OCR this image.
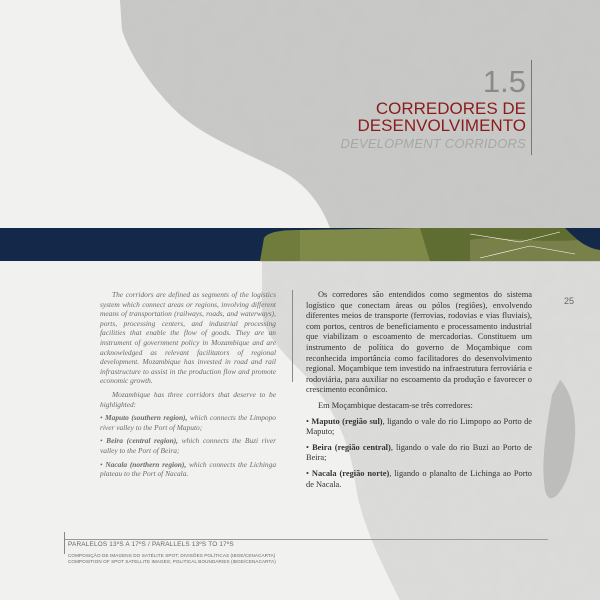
1.5
CORREDORES DE
DESENVOLVIMENTO
DEVELOPMENT CORRIDORS
25

The corridors are defined as segments of the logistics system which connect areas or regions, involving different means of transportation (railways, roads, and waterways), ports, processing centers, and industrial processing facilities that enable the flow of goods. They are an instrument of government policy in Mozambique and are acknowledged as relevant facilitators of regional development. Mozambique has invested in road and rail infrastructure to assist in the production flow and promote economic growth.

Mozambique has three corridors that deserve to be highlighted:

• Maputo (southern region), which connects the Limpopo river valley to the Port of Maputo;

• Beira (central region), which connects the Buzi river valley to the Port of Beira;

• Nacala (northern region), which connects the Lichinga plateau to the Port of Nacala.

Os corredores são entendidos como segmentos do sistema logístico que conectam áreas ou pólos (regiões), envolvendo diferentes meios de transporte (ferrovias, rodovias e vias fluviais), com portos, centros de beneficiamento e processamento industrial que viabilizam o escoamento de mercadorias. Constituem um instrumento de política do governo de Moçambique com reconhecida importância como facilitadores do desenvolvimento regional. Moçambique tem investido na infraestrutura ferroviária e rodoviária, para auxiliar no escoamento da produção e favorecer o crescimento econômico.

Em Moçambique destacam-se três corredores:

• Maputo (região sul), ligando o vale do rio Limpopo ao Porto de Maputo;

• Beira (região central), ligando o vale do rio Buzi ao Porto de Beira;

• Nacala (região norte), ligando o planalto de Lichinga ao Porto de Nacala.

PARALELOS 13ºS A 17ºS / PARALLELS 13ºS TO 17ºS
COMPOSIÇÃO DE IMAGENS DO SATÉLITE SPOT; DIVISÕES POLÍTICAS (IBGE/CENACARTA)
COMPOSITION OF SPOT SATELLITE IMAGES; POLITICAL BOUNDARIES (IBGE/CENACARTA)
